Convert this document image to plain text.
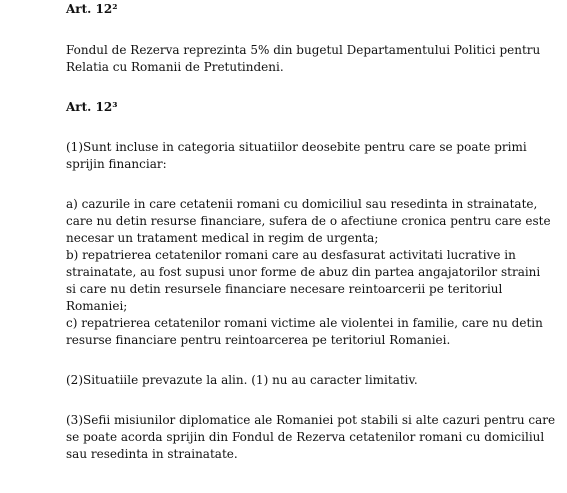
Art. 12²
Fondul de Rezerva reprezinta 5% din bugetul Departamentului Politici pentru
Relatia cu Romanii de Pretutindeni.
Art. 12³
(1)Sunt incluse in categoria situatiilor deosebite pentru care se poate primi
sprijin financiar:
a) cazurile in care cetatenii romani cu domiciliul sau resedinta in strainatate,
care nu detin resurse financiare, sufera de o afectiune cronica pentru care este
necesar un tratament medical in regim de urgenta;
b) repatrierea cetatenilor romani care au desfasurat activitati lucrative in
strainatate, au fost supusi unor forme de abuz din partea angajatorilor straini
si care nu detin resursele financiare necesare reintoarcerii pe teritoriul
Romaniei;
c) repatrierea cetatenilor romani victime ale violentei in familie, care nu detin
resurse financiare pentru reintoarcerea pe teritoriul Romaniei.
(2)Situatiile prevazute la alin. (1) nu au caracter limitativ.
(3)Sefii misiunilor diplomatice ale Romaniei pot stabili si alte cazuri pentru care
se poate acorda sprijin din Fondul de Rezerva cetatenilor romani cu domiciliul
sau resedinta in strainatate.
